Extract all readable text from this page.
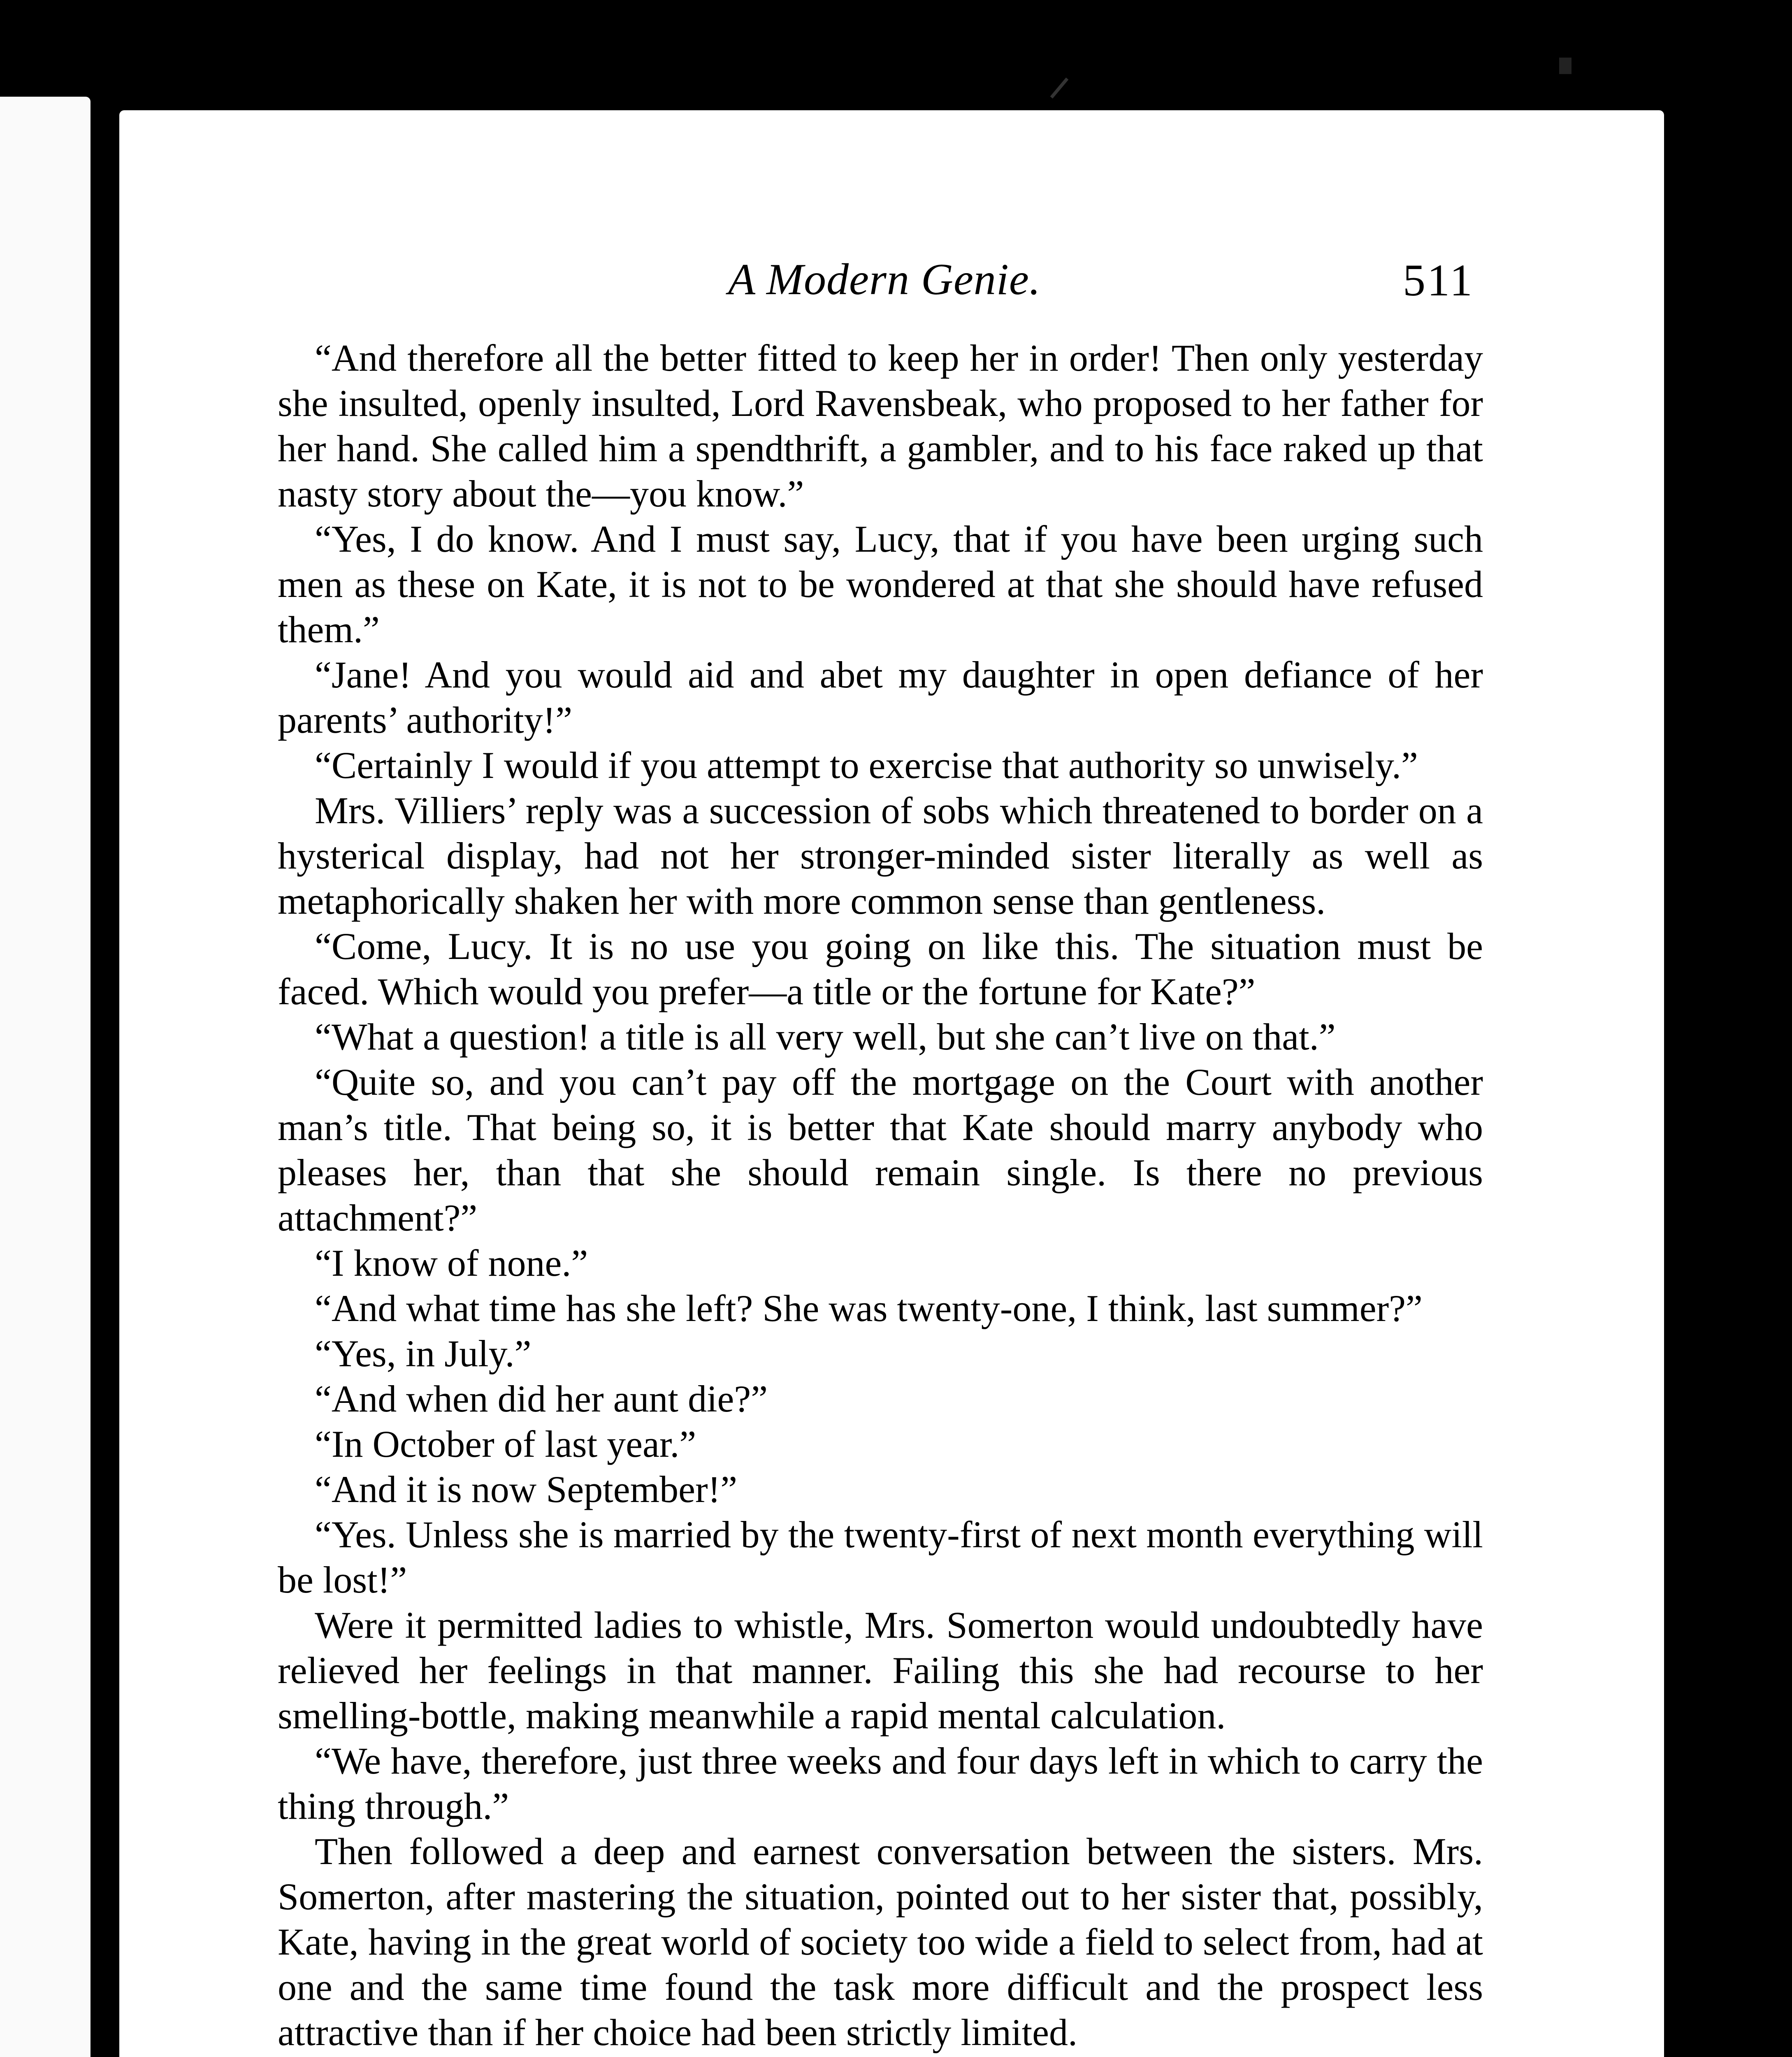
A Modern Genie.	511

“And therefore all the better fitted to keep her in order! Then only yesterday she insulted, openly insulted, Lord Ravensbeak, who proposed to her father for her hand. She called him a spendthrift, a gambler, and to his face raked up that nasty story about the—you know.”

“Yes, I do know. And I must say, Lucy, that if you have been urging such men as these on Kate, it is not to be wondered at that she should have refused them.”

“Jane! And you would aid and abet my daughter in open defiance of her parents’ authority!”

“Certainly I would if you attempt to exercise that authority so unwisely.”

Mrs. Villiers’ reply was a succession of sobs which threatened to border on a hysterical display, had not her stronger-minded sister literally as well as metaphorically shaken her with more common sense than gentleness.

“Come, Lucy. It is no use you going on like this. The situation must be faced. Which would you prefer—a title or the fortune for Kate?”

“What a question! a title is all very well, but she can’t live on that.”

“Quite so, and you can’t pay off the mortgage on the Court with another man’s title. That being so, it is better that Kate should marry anybody who pleases her, than that she should remain single. Is there no previous attachment?”

“I know of none.”

“And what time has she left? She was twenty-one, I think, last summer?”

“Yes, in July.”

“And when did her aunt die?”

“In October of last year.”

“And it is now September!”

“Yes. Unless she is married by the twenty-first of next month everything will be lost!”

Were it permitted ladies to whistle, Mrs. Somerton would undoubtedly have relieved her feelings in that manner. Failing this she had recourse to her smelling-bottle, making meanwhile a rapid mental calculation.

“We have, therefore, just three weeks and four days left in which to carry the thing through.”

Then followed a deep and earnest conversation between the sisters. Mrs. Somerton, after mastering the situation, pointed out to her sister that, possibly, Kate, having in the great world of society too wide a field to select from, had at one and the same time found the task more difficult and the prospect less attractive than if her choice had been strictly limited.
